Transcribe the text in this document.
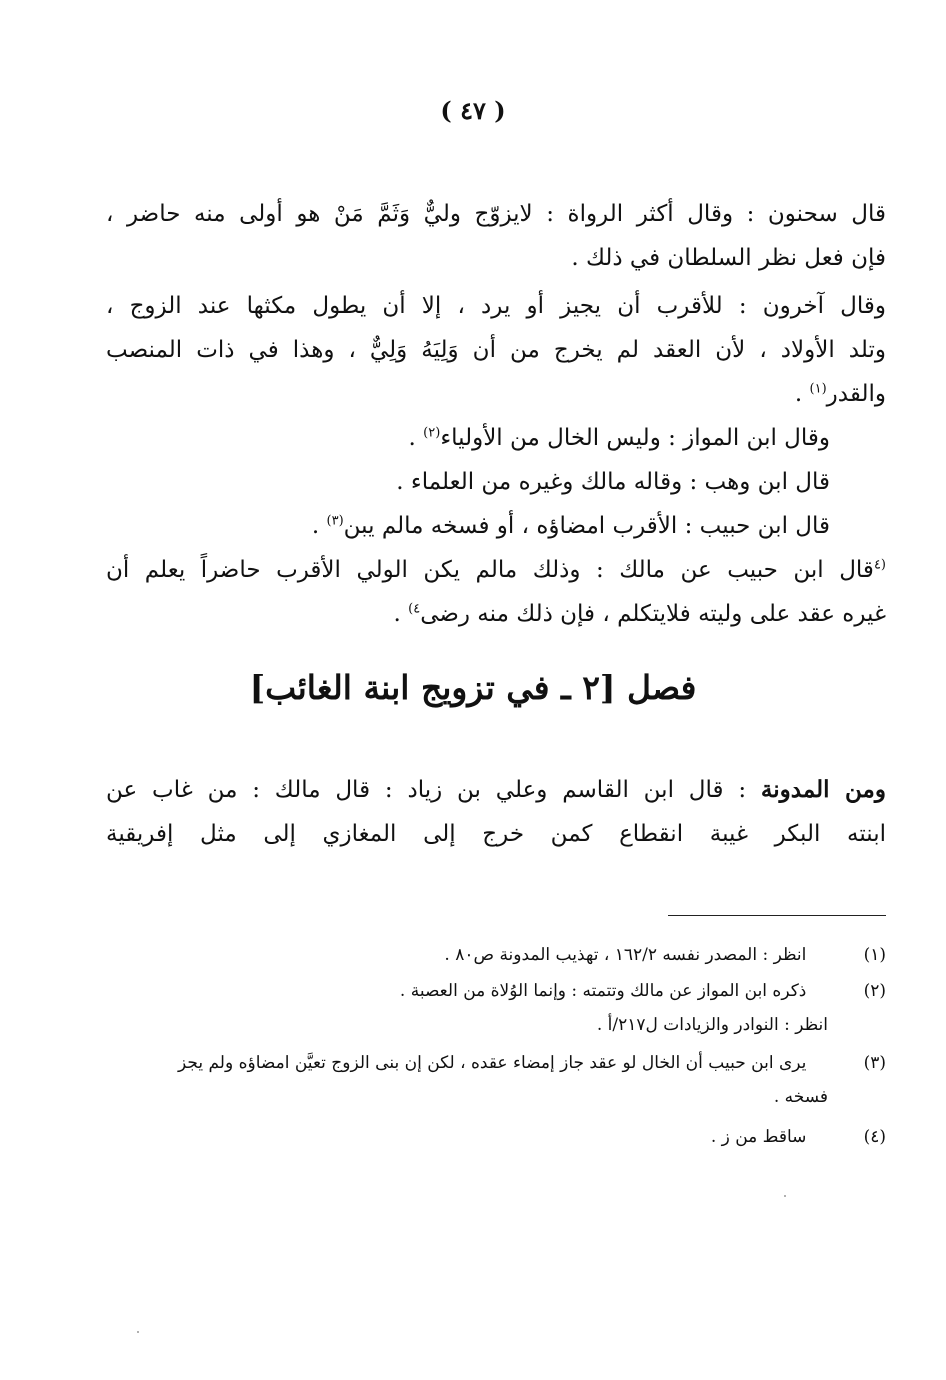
( ٤٧ )
قال سحنون : وقال أكثر الرواة : لايزوّج وليٌّ وَثَمَّ مَنْ هو أولى منه حاضر ،
فإن فعل نظر السلطان في ذلك .
وقال آخرون : للأقرب أن يجيز أو يرد ، إلا أن يطول مكثها عند الزوج ،
وتلد الأولاد ، لأن العقد لم يخرج من أن وَلِيَهُ وَلِيٌّ ، وهذا في ذات المنصب
والقدر$^{(١)}$ .
وقال ابن المواز : وليس الخال من الأولياء$^{(٢)}$ .
قال ابن وهب : وقاله مالك وغيره من العلماء .
قال ابن حبيب : الأقرب امضاؤه ، أو فسخه مالم يبن$^{(٣)}$ .
$^{(٤}$قال ابن حبيب عن مالك : وذلك مالم يكن الولي الأقرب حاضراً يعلم أن
غيره عقد على وليته فلايتكلم ، فإن ذلك منه رضى$^{٤)}$ .
فصل [٢ ـ في تزويج ابنة الغائب]
ومن المدونة : قال ابن القاسم وعلي بن زياد : قال مالك : من غاب عن
ابنته البكر غيبة انقطاع كمن خرج إلى المغازي إلى مثل إفريقية
(١)    انظر : المصدر نفسه ١٦٢/٢ ، تهذيب المدونة ص٨٠ .
(٢)    ذكره ابن المواز عن مالك وتتمته : وإنما الوُلاة من العصبة .
انظر : النوادر والزيادات ل٢١٧/أ .
(٣)    يرى ابن حبيب أن الخال لو عقد جاز إمضاء عقده ، لكن إن بنى الزوج تعيَّن امضاؤه ولم يجز
فسخه .
(٤)    ساقط من ز .
